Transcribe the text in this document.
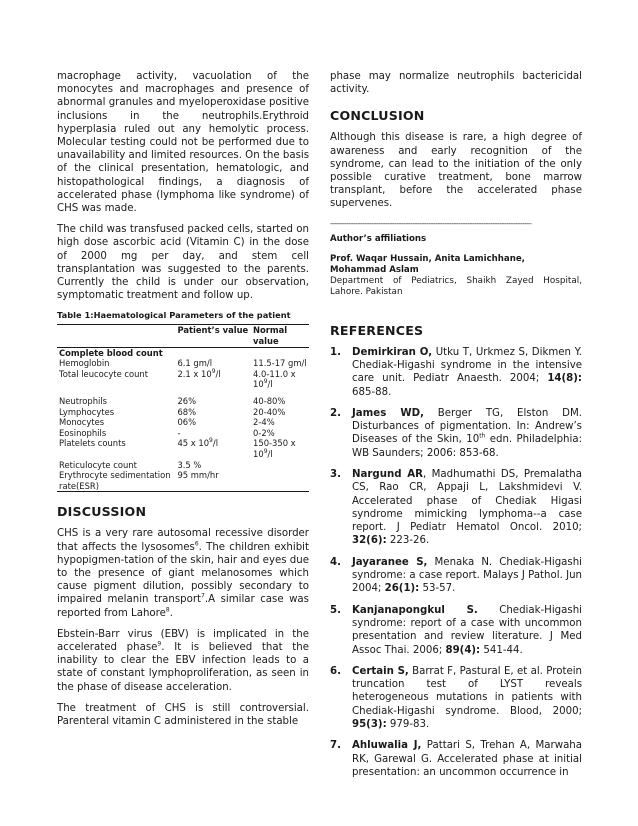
macrophage activity, vacuolation of the monocytes and macrophages and presence of abnormal granules and myeloperoxidase positive inclusions in the neutrophils.Erythroid hyperplasia ruled out any hemolytic process. Molecular testing could not be performed due to unavailability and limited resources. On the basis of the clinical presentation, hematologic, and histopathological findings, a diagnosis of accelerated phase (lymphoma like syndrome) of CHS was made.

The child was transfused packed cells, started on high dose ascorbic acid (Vitamin C) in the dose of 2000 mg per day, and stem cell transplantation was suggested to the parents. Currently the child is under our observation, symptomatic treatment and follow up.

Table 1:Haematological Parameters of the patient
	Patient’s value	Normal value
Complete blood count		
Hemoglobin	6.1 gm/l	11.5-17 gm/l
Total leucocyte count	2.1 x $10^9/l$	4.0-11.0 x $10^9/l$
Neutrophils	26%	40-80%
Lymphocytes	68%	20-40%
Monocytes	06%	2-4%
Eosinophils	-	0-2%
Platelets counts	45 x $10^9/l$	150-350 x $10^9/l$
Reticulocyte count	3.5 %	
Erythrocyte sedimentation rate(ESR)	95 mm/hr	
DISCUSSION

CHS is a very rare autosomal recessive disorder that affects the lysosomes$^6$. The children exhibit hypopigmen-tation of the skin, hair and eyes due to the presence of giant melanosomes which cause pigment dilution, possibly secondary to impaired melanin transport$^7$.A similar case was reported from Lahore$^8$.

Ebstein-Barr virus (EBV) is implicated in the accelerated phase$^9$. It is believed that the inability to clear the EBV infection leads to a state of constant lymphoproliferation, as seen in the phase of disease acceleration.

The treatment of CHS is still controversial. Parenteral vitamin C administered in the stable

phase may normalize neutrophils bactericidal activity.

CONCLUSION

Although this disease is rare, a high degree of awareness and early recognition of the syndrome, can lead to the initiation of the only possible curative treatment, bone marrow transplant, before the accelerated phase supervenes.

----------------------------------------------------------------------------------------
Author’s affiliations
Prof. Waqar Hussain, Anita Lamichhane,
Mohammad Aslam
Department of Pediatrics, Shaikh Zayed Hospital, Lahore. Pakistan
REFERENCES
1. Demirkiran O, Utku T, Urkmez S, Dikmen Y. Chediak-Higashi syndrome in the intensive care unit. Pediatr Anaesth. 2004; 14(8): 685-88.
2. James WD, Berger TG, Elston DM. Disturbances of pigmentation. In: Andrew’s Diseases of the Skin, 10th edn. Philadelphia: WB Saunders; 2006: 853-68.
3. Nargund AR, Madhumathi DS, Premalatha CS, Rao CR, Appaji L, Lakshmidevi V. Accelerated phase of Chediak Higasi syndrome mimicking lymphoma--a case report. J Pediatr Hematol Oncol. 2010; 32(6): 223-26.
4. Jayaranee S, Menaka N. Chediak-Higashi syndrome: a case report. Malays J Pathol. Jun 2004; 26(1): 53-57.
5. Kanjanapongkul S. Chediak-Higashi syndrome: report of a case with uncommon presentation and review literature. J Med Assoc Thai. 2006; 89(4): 541-44.
6. Certain S, Barrat F, Pastural E, et al. Protein truncation test of LYST reveals heterogeneous mutations in patients with Chediak-Higashi syndrome. Blood, 2000; 95(3): 979-83.
7. Ahluwalia J, Pattari S, Trehan A, Marwaha RK, Garewal G. Accelerated phase at initial presentation: an uncommon occurrence in
